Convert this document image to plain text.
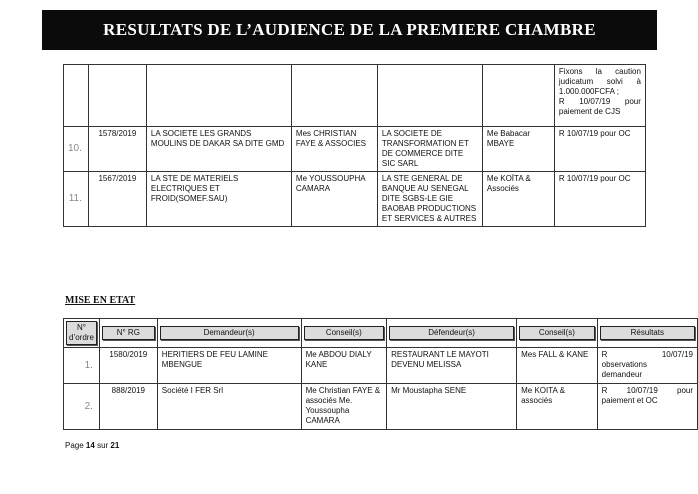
RESULTATS DE L’AUDIENCE DE LA PREMIERE CHAMBRE

						Fixons la caution
judicatum solvi à
1.000.000FCFA ;
R 10/07/19 pour
paiement de CJS

10.	1578/2019	LA SOCIETE LES GRANDS MOULINS DE DAKAR SA DITE GMD	Mes CHRISTIAN FAYE & ASSOCIES	LA SOCIETE DE TRANSFORMATION ET DE COMMERCE DITE SIC SARL	Me Babacar MBAYE	R 10/07/19 pour OC
11.	1567/2019	LA STE DE MATERIELS ELECTRIQUES ET FROID(SOMEF.SAU)	Me YOUSSOUPHA CAMARA	LA STE GENERAL DE BANQUE AU SENEGAL DITE SGBS-LE GIE BAOBAB PRODUCTIONS ET SERVICES & AUTRES	Me KOÏTA & Associés	R 10/07/19 pour OC
MISE EN ETAT
N° d’ordre	N° RG	Demandeur(s)	Conseil(s)	Défendeur(s)	Conseil(s)	Résultats

1.	1580/2019	HERITIERS DE FEU LAMINE MBENGUE	Me ABDOU DIALY KANE	RESTAURANT LE MAYOTI DEVENU MELISSA	Mes FALL & KANE	R 10/07/19
observations
demandeur

2.	888/2019	Société I FER Srl	Me Christian FAYE & associés Me. Youssoupha CAMARA	Mr Moustapha SENE	Me KOITA & associés	R 10/07/19 pour
paiement et OC
Page 14 sur 21
